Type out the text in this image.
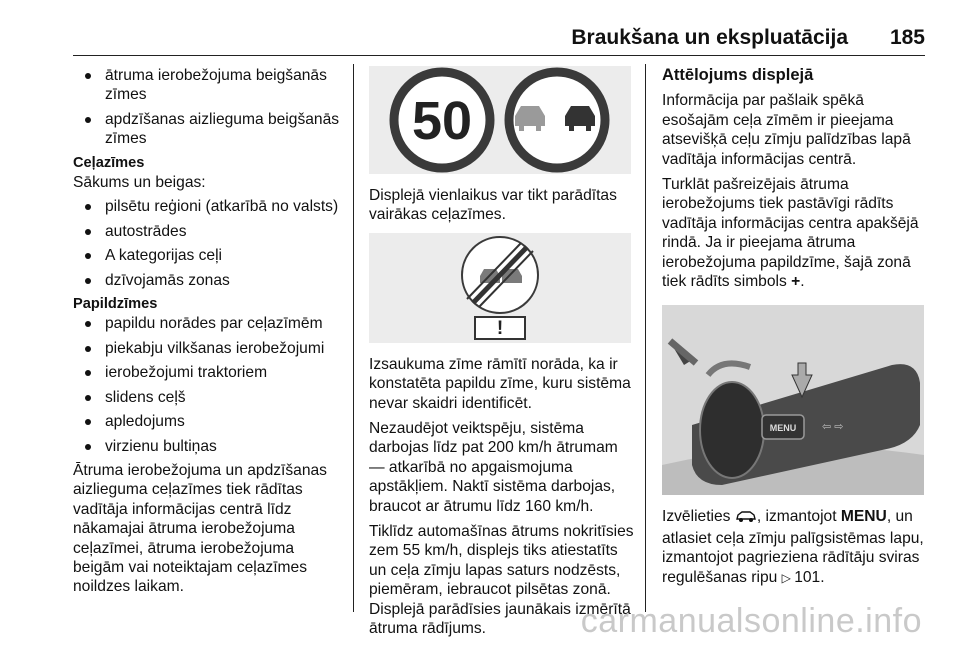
Braukšana un ekspluatācija 185
ātruma ierobežojuma beigšanās zīmes
apdzīšanas aizlieguma beigšanās zīmes
Ceļazīmes
Sākums un beigas:
pilsētu reģioni (atkarībā no valsts)
autostrādes
A kategorijas ceļi
dzīvojamās zonas
Papildzīmes
papildu norādes par ceļazīmēm
piekabju vilkšanas ierobežojumi
ierobežojumi traktoriem
slidens ceļš
apledojums
virzienu bultiņas

Ātruma ierobežojuma un apdzīšanas aizlieguma ceļazīmes tiek rādītas vadītāja informācijas centrā līdz nākamajai ātruma ierobežojuma ceļazīmei, ātruma ierobežojuma beigām vai noteiktajam ceļazīmes noildzes laikam.

50

Displejā vienlaikus var tikt parādītas vairākas ceļazīmes.

!

Izsaukuma zīme rāmītī norāda, ka ir konstatēta papildu zīme, kuru sistēma nevar skaidri identificēt.

Nezaudējot veiktspēju, sistēma darbojas līdz pat 200 km/h ātrumam — atkarībā no apgaismojuma apstākļiem. Naktī sistēma darbojas, braucot ar ātrumu līdz 160 km/h.

Tiklīdz automašīnas ātrums nokritīsies zem 55 km/h, displejs tiks atiestatīts un ceļa zīmju lapas saturs nodzēsts, piemēram, iebraucot pilsētas zonā. Displejā parādīsies jaunākais izmērītā ātruma rādījums.

Attēlojums displejā

Informācija par pašlaik spēkā esošajām ceļa zīmēm ir pieejama atsevišķā ceļu zīmju palīdzības lapā vadītāja informācijas centrā.

Turklāt pašreizējais ātruma ierobežojums tiek pastāvīgi rādīts vadītāja informācijas centra apakšējā rindā. Ja ir pieejama ātruma ierobežojuma papildzīme, šajā zonā tiek rādīts simbols +.

MENU ⇦ ⇨

Izvēlieties , izmantojot MENU, un atlasiet ceļa zīmju palīgsistēmas lapu, izmantojot pagrieziena rādītāju sviras regulēšanas ripu ▷ 101.

carmanualsonline.info
